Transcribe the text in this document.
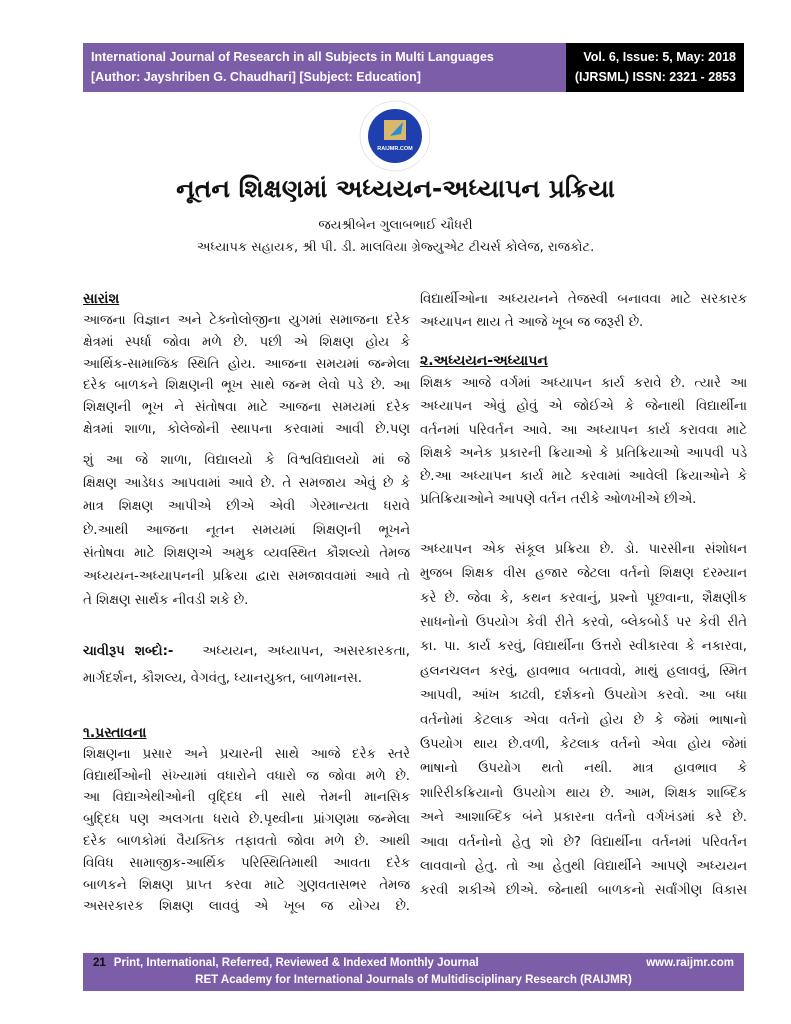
International Journal of Research in all Subjects in Multi Languages
[Author: Jayshriben G. Chaudhari] [Subject: Education]
Vol. 6, Issue: 5, May: 2018
(IJRSML) ISSN: 2321 - 2853
RAIJMR.COM
નૂતન શિક્ષણમાં અધ્યયન-અધ્યાપન પ્રક્રિયા
જયશ્રીબેન ગુલાબભાઈ ચૌધરી
અધ્યાપક સહાયક, શ્રી પી. ડી. માલવિયા ગ્રેજ્યુએટ ટીચર્સ કોલેજ, રાજકોટ.
સારાંશ
આજના વિજ્ઞાન અને ટેક્નોલોજીના યુગમાં સમાજના દરેક
ક્ષેત્રમાં સ્પર્ધા જોવા મળે છે. પછી એ શિક્ષણ હોય કે
આર્થિક-સામાજિક સ્થિતિ હોય. આજના સમયમાં જન્મેલા
દરેક બાળકને શિક્ષણની ભૂખ સાથે જન્મ લેવો પડે છે. આ
શિક્ષણની ભૂખ ને સંતોષવા માટે આજના સમયમાં દરેક
ક્ષેત્રમાં શાળા, કોલેજોની સ્થાપના કરવામાં આવી છે.પણ
શું આ જે શાળા, વિદ્યાલયો કે વિશ્વવિદ્યાલયો માં જે
ક્ષિક્ષણ આડેધડ આપવામાં આવે છે. તે સમજાય એવું છે કે
માત્ર શિક્ષણ આપીએ છીએ એવી ગેરમાન્યતા ધરાવે
છે.આથી આજના નૂતન સમયમાં શિક્ષણની ભૂખને
સંતોષવા માટે શિક્ષણએ અમુક વ્યવસ્થિત કૌશલ્યો તેમજ
અધ્યયન-અધ્યાપનની પ્રક્રિયા દ્વારા સમજાવવામાં આવે તો
તે શિક્ષણ સાર્થક નીવડી શકે છે.
ચાવીરૂપ શબ્દો:- અધ્યયન, અધ્યાપન, અસરકારકતા,
માર્ગદર્શન, કૌશલ્ય, વેગવંતુ, ધ્યાનયુક્ત, બાળમાનસ.
૧.પ્રસ્તાવના
શિક્ષણના પ્રસાર અને પ્રચારની સાથે આજે દરેક સ્તરે
વિદ્યાર્થીઓની સંખ્યામાં વધારોને વધારો જ જોવા મળે છે.
આ વિદ્યાએથીઓની વૃદ્દિધ ની સાથે ત્તેમની માનસિક
બુદ્દિધ પણ અલગતા ધરાવે છે.પૃથ્વીના પ્રાંગણમા જન્મેલા
દરેક બાળકોમાં વૈયક્તિક તફાવતો જોવા મળે છે. આથી
વિવિધ સામાજીક-આર્થિક પરિસ્થિતિમાથી આવતા દરેક
બાળકને શિક્ષણ પ્રાપ્ત કરવા માટે ગુણવતાસભર તેમજ
અસરકારક શિક્ષણ લાવવું એ ખૂબ જ યોગ્ય છે.
વિદ્યાર્થીઓના અધ્યયનને તેજસ્વી બનાવવા માટે સરકારક
અધ્યાપન થાય તે આજે ખૂબ જ જરૂરી છે.
૨.અધ્યયન-અધ્યાપન
શિક્ષક આજે વર્ગમાં અધ્યાપન કાર્ય કરાવે છે. ત્યારે આ
અધ્યાપન એવું હોવું એ જોઈએ કે જેનાથી વિદ્યાર્થીના
વર્તનમાં પરિવર્તન આવે. આ અધ્યાપન કાર્ય કરાવવા માટે
શિક્ષકે અનેક પ્રકારની ક્રિયાઓ કે પ્રતિક્રિયાઓ આપવી પડે
છે.આ અધ્યાપન કાર્ય માટે કરવામાં આવેલી ક્રિયાઓને કે
પ્રતિક્રિયાઓને આપણે વર્તન તરીકે ઓળખીએ છીએ.
અધ્યાપન એક સંકૂલ પ્રક્રિયા છે. ડો. પારસીના સંશોધન
મુજબ શિક્ષક વીસ હજાર જેટલા વર્તનો શિક્ષણ દરમ્યાન
કરે છે. જેવા કે, કથન કરવાનું, પ્રશ્નો પૂછવાના, શૈક્ષણીક
સાધનોનો ઉપયોગ કેવી રીતે કરવો, બ્લેકબોર્ડ પર કેવી રીતે
કા. પા. કાર્ય કરવું, વિદ્યાર્થીના ઉત્તરો સ્વીકારવા કે નકારવા,
હલનચલન કરવું, હાવભાવ બતાવવો, માથું હલાવવું, સ્મિત
આપવી, આંખ કાઢવી, દર્શકનો ઉપયોગ કરવો. આ બધા
વર્તનોમાં કેટલાક એવા વર્તનો હોય છે કે જેમાં ભાષાનો
ઉપયોગ થાય છે.વળી, કેટલાક વર્તનો એવા હોય જેમાં
ભાષાનો ઉપયોગ થતો નથી. માત્ર હાવભાવ કે
શારિરીકક્રિયાનો ઉપયોગ થાય છે. આમ, શિક્ષક શાબ્દિક
અને આશાબ્દિક બંને પ્રકારના વર્તનો વર્ગખંડમાં કરે છે.
આવા વર્તનોનો હેતુ શો છે? વિદ્યાર્થીના વર્તનમાં પરિવર્તન
લાવવાનો હેતુ. તો આ હેતુથી વિદ્યાર્થીને આપણે અધ્યયન
કરવી શકીએ છીએ. જેનાથી બાળકનો સર્વાંગીણ વિકાસ
21 Print, International, Referred, Reviewed & Indexed Monthly Journal	www.raijmr.com
RET Academy for International Journals of Multidisciplinary Research (RAIJMR)
